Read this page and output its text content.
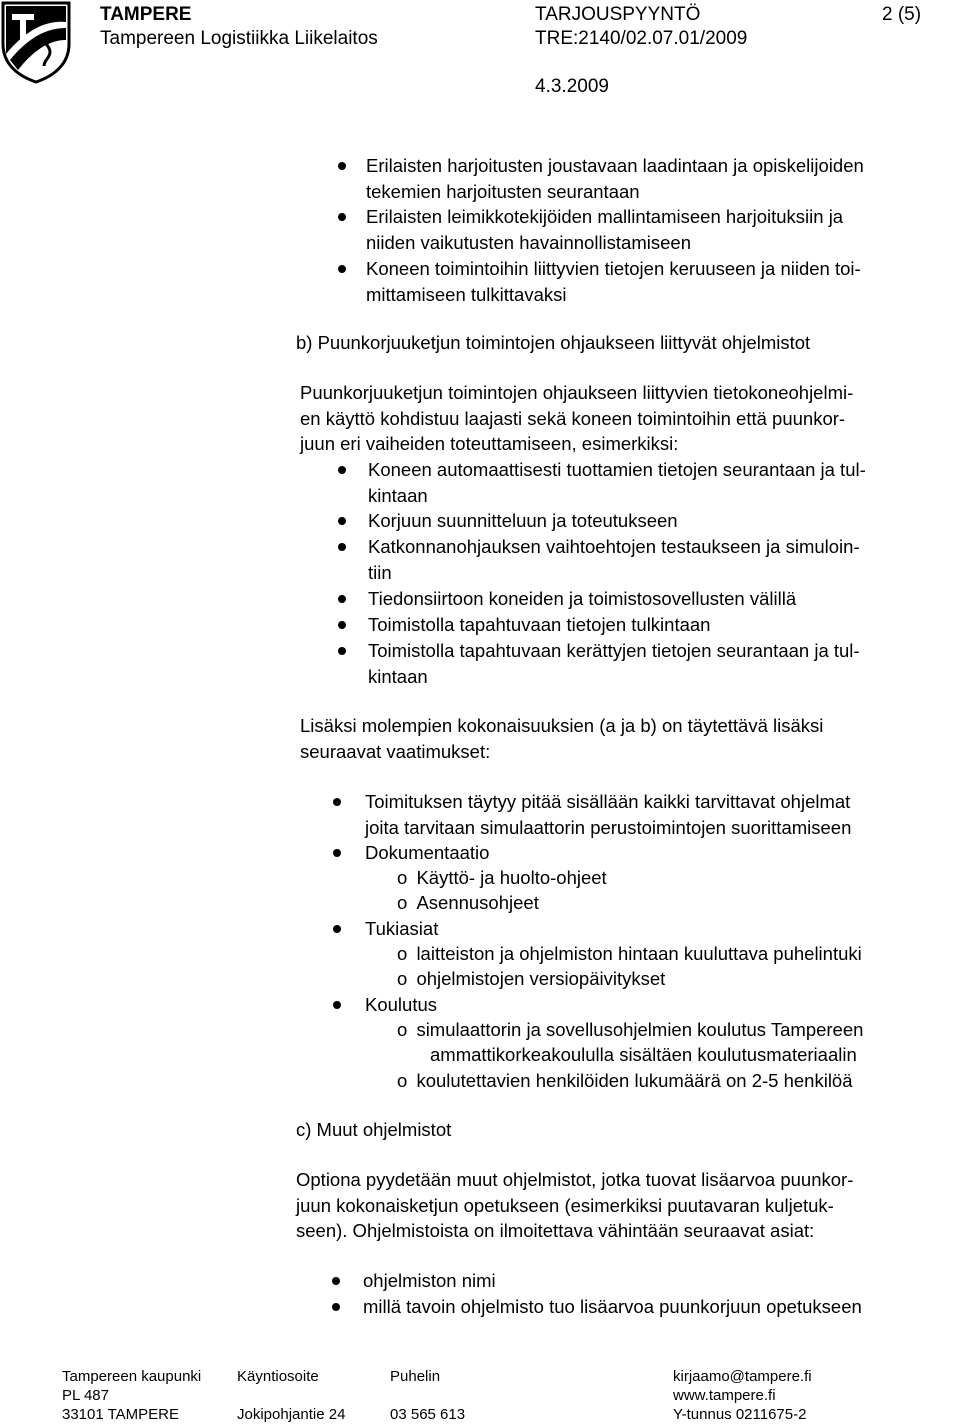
TAMPERE
Tampereen Logistiikka Liikelaitos
TARJOUSPYYNTÖ	2 (5)
TRE:2140/02.07.01/2009
4.3.2009
Erilaisten harjoitusten joustavaan laadintaan ja opiskelijoiden
tekemien harjoitusten seurantaan
Erilaisten leimikkotekijöiden mallintamiseen harjoituksiin ja
niiden vaikutusten havainnollistamiseen
Koneen toimintoihin liittyvien tietojen keruuseen ja niiden toi-
mittamiseen tulkittavaksi
b) Puunkorjuuketjun toimintojen ohjaukseen liittyvät ohjelmistot
Puunkorjuuketjun toimintojen ohjaukseen liittyvien tietokoneohjelmi-
en käyttö kohdistuu laajasti sekä koneen toimintoihin että puunkor-
juun eri vaiheiden toteuttamiseen, esimerkiksi:
Koneen automaattisesti tuottamien tietojen seurantaan ja tul-
kintaan
Korjuun suunnitteluun ja toteutukseen
Katkonnanohjauksen vaihtoehtojen testaukseen ja simuloin-
tiin
Tiedonsiirtoon koneiden ja toimistosovellusten välillä
Toimistolla tapahtuvaan tietojen tulkintaan
Toimistolla tapahtuvaan kerättyjen tietojen seurantaan ja tul-
kintaan
Lisäksi molempien kokonaisuuksien (a ja b) on täytettävä lisäksi
seuraavat vaatimukset:
Toimituksen täytyy pitää sisällään kaikki tarvittavat ohjelmat
joita tarvitaan simulaattorin perustoimintojen suorittamiseen
Dokumentaatio
o Käyttö- ja huolto-ohjeet
o Asennusohjeet
Tukiasiat
o laitteiston ja ohjelmiston hintaan kuuluttava puhelintuki
o ohjelmistojen versiopäivitykset
Koulutus
o simulaattorin ja sovellusohjelmien koulutus Tampereen
ammattikorkeakoululla sisältäen koulutusmateriaalin
o koulutettavien henkilöiden lukumäärä on 2-5 henkilöä
c) Muut ohjelmistot
Optiona pyydetään muut ohjelmistot, jotka tuovat lisäarvoa puunkor-
juun kokonaisketjun opetukseen (esimerkiksi puutavaran kuljetuk-
seen). Ohjelmistoista on ilmoitettava vähintään seuraavat asiat:
ohjelmiston nimi
millä tavoin ohjelmisto tuo lisäarvoa puunkorjuun opetukseen
Tampereen kaupunki
PL 487
33101 TAMPERE
Käyntiosoite
Jokipohjantie 24
Puhelin
03 565 613
kirjaamo@tampere.fi
www.tampere.fi
Y-tunnus 0211675-2
